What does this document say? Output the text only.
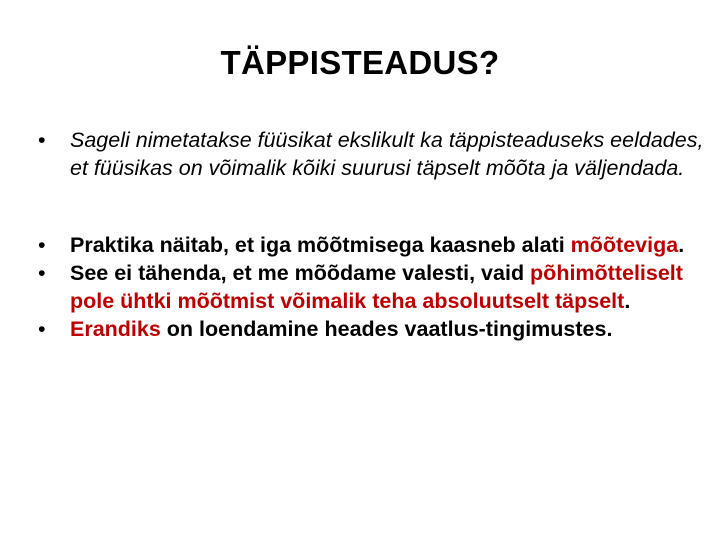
TÄPPISTEADUS?
•	Sageli nimetatakse füüsikat ekslikult ka täppisteaduseks eeldades, et füüsikas on võimalik kõiki suurusi täpselt mõõta ja väljendada.
•	Praktika näitab, et iga mõõtmisega kaasneb alati mõõteviga.
•	See ei tähenda, et me mõõdame valesti, vaid põhimõtteliselt pole ühtki mõõtmist võimalik teha absoluutselt täpselt.
•	Erandiks on loendamine heades vaatlus-tingimustes.
